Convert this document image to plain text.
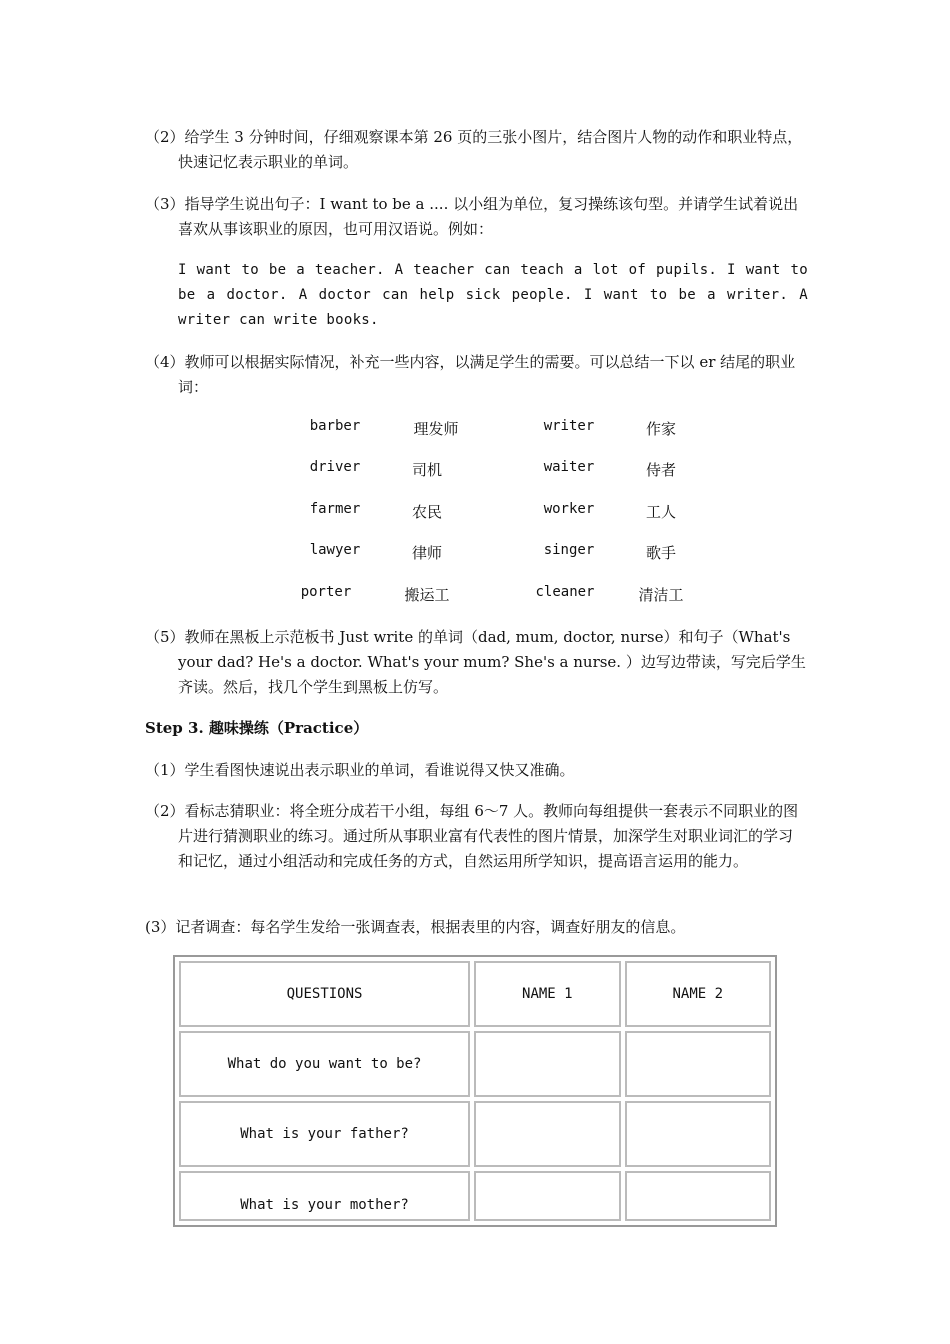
（2）给学生 3 分钟时间，仔细观察课本第 26 页的三张小图片，结合图片人物的动作和职业特点，快速记忆表示职业的单词。
（3）指导学生说出句子：I want to be a .... 以小组为单位，复习操练该句型。并请学生试着说出喜欢从事该职业的原因，也可用汉语说。例如：
I want to be a teacher. A teacher can teach a lot of pupils. I want to be a doctor. A doctor can help sick people. I want to be a writer. A writer can write books.
（4）教师可以根据实际情况，补充一些内容，以满足学生的需要。可以总结一下以 er 结尾的职业词：
barber	理发师	writer	作家
driver	司机	waiter	侍者
farmer	农民	worker	工人
lawyer	律师	singer	歌手
porter	搬运工	cleaner	清洁工
（5）教师在黑板上示范板书 Just write 的单词（dad, mum, doctor, nurse）和句子（What's your dad? He's a doctor. What's your mum? She's a nurse. ）边写边带读，写完后学生齐读。然后，找几个学生到黑板上仿写。
Step 3. 趣味操练（Practice）
（1）学生看图快速说出表示职业的单词，看谁说得又快又准确。
（2）看标志猜职业：将全班分成若干小组，每组 6～7 人。教师向每组提供一套表示不同职业的图片进行猜测职业的练习。通过所从事职业富有代表性的图片情景，加深学生对职业词汇的学习和记忆，通过小组活动和完成任务的方式，自然运用所学知识，提高语言运用的能力。
(3）记者调查：每名学生发给一张调查表，根据表里的内容，调查好朋友的信息。
QUESTIONS	NAME 1	NAME 2
What do you want to be?		
What is your father?		
What is your mother?		
